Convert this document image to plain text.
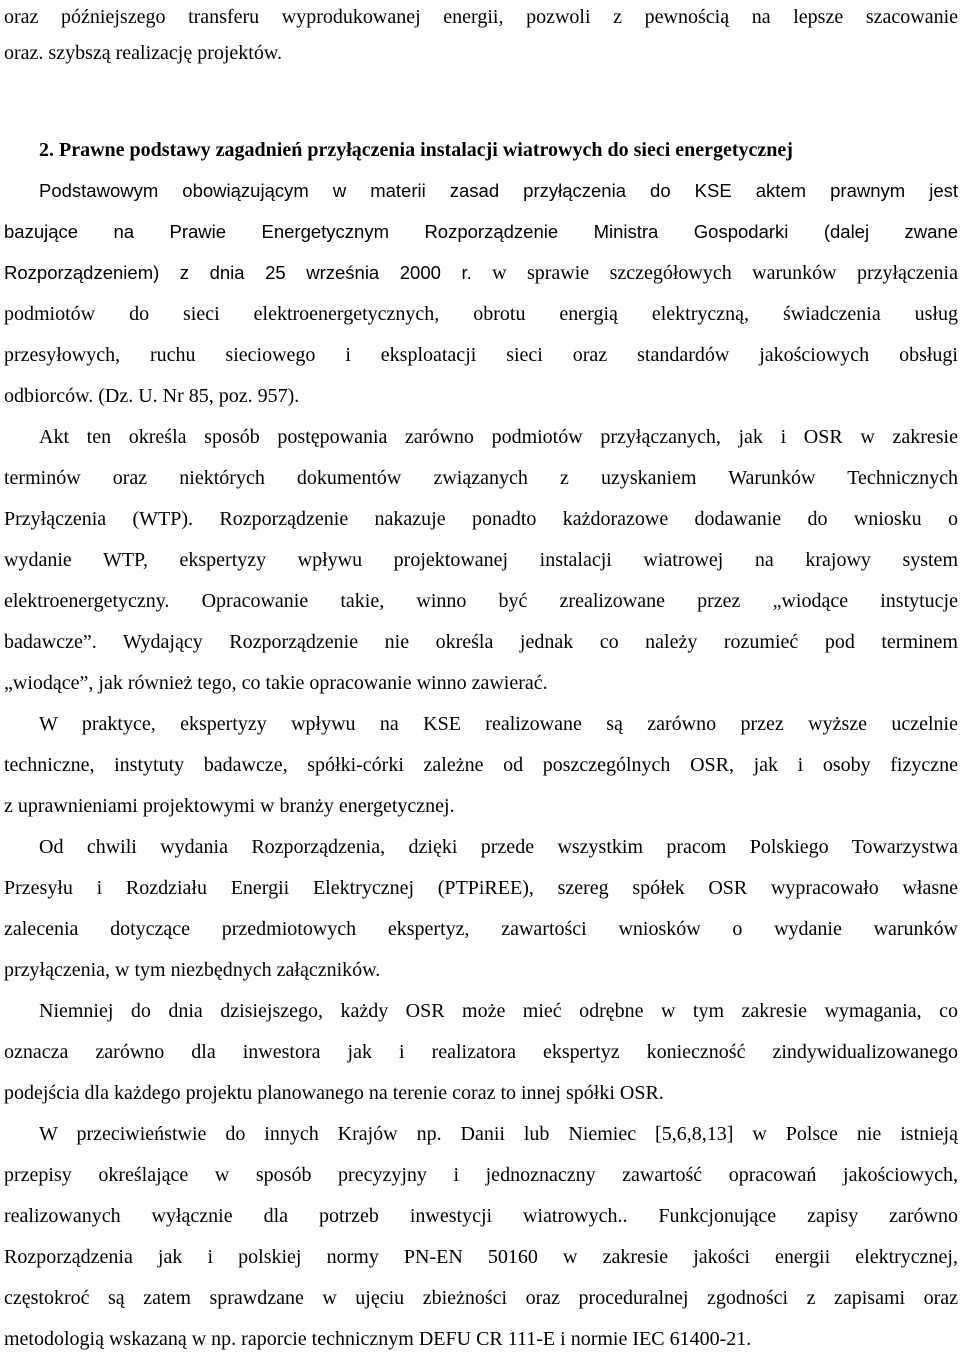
oraz późniejszego transferu wyprodukowanej energii, pozwoli z pewnością na lepsze szacowanie
oraz. szybszą realizację projektów.
2. Prawne podstawy zagadnień przyłączenia instalacji wiatrowych do sieci energetycznej
Podstawowym obowiązującym w materii zasad przyłączenia do KSE aktem prawnym jest
bazujące na Prawie Energetycznym Rozporządzenie Ministra Gospodarki (dalej zwane
Rozporządzeniem) z dnia 25 września 2000 r. w sprawie szczegółowych warunków przyłączenia
podmiotów do sieci elektroenergetycznych, obrotu energią elektryczną, świadczenia usług
przesyłowych, ruchu sieciowego i eksploatacji sieci oraz standardów jakościowych obsługi
odbiorców. (Dz. U. Nr 85, poz. 957).
Akt ten określa sposób postępowania zarówno podmiotów przyłączanych, jak i OSR w zakresie
terminów oraz niektórych dokumentów związanych z uzyskaniem Warunków Technicznych
Przyłączenia (WTP). Rozporządzenie nakazuje ponadto każdorazowe dodawanie do wniosku o
wydanie WTP, ekspertyzy wpływu projektowanej instalacji wiatrowej na krajowy system
elektroenergetyczny. Opracowanie takie, winno być zrealizowane przez „wiodące instytucje
badawcze”. Wydający Rozporządzenie nie określa jednak co należy rozumieć pod terminem
„wiodące”, jak również tego, co takie opracowanie winno zawierać.
W praktyce, ekspertyzy wpływu na KSE realizowane są zarówno przez wyższe uczelnie
techniczne, instytuty badawcze, spółki-córki zależne od poszczególnych OSR, jak i osoby fizyczne
z uprawnieniami projektowymi w branży energetycznej.
Od chwili wydania Rozporządzenia, dzięki przede wszystkim pracom Polskiego Towarzystwa
Przesyłu i Rozdziału Energii Elektrycznej (PTPiREE), szereg spółek OSR wypracowało własne
zalecenia dotyczące przedmiotowych ekspertyz, zawartości wniosków o wydanie warunków
przyłączenia, w tym niezbędnych załączników.
Niemniej do dnia dzisiejszego, każdy OSR może mieć odrębne w tym zakresie wymagania, co
oznacza zarówno dla inwestora jak i realizatora ekspertyz konieczność zindywidualizowanego
podejścia dla każdego projektu planowanego na terenie coraz to innej spółki OSR.
W przeciwieństwie do innych Krajów np. Danii lub Niemiec [5,6,8,13] w Polsce nie istnieją
przepisy określające w sposób precyzyjny i jednoznaczny zawartość opracowań jakościowych,
realizowanych wyłącznie dla potrzeb inwestycji wiatrowych.. Funkcjonujące zapisy zarówno
Rozporządzenia jak i polskiej normy PN-EN 50160 w zakresie jakości energii elektrycznej,
częstokroć są zatem sprawdzane w ujęciu zbieżności oraz proceduralnej zgodności z zapisami oraz
metodologią wskazaną w np. raporcie technicznym DEFU CR 111-E i normie IEC 61400-21.
